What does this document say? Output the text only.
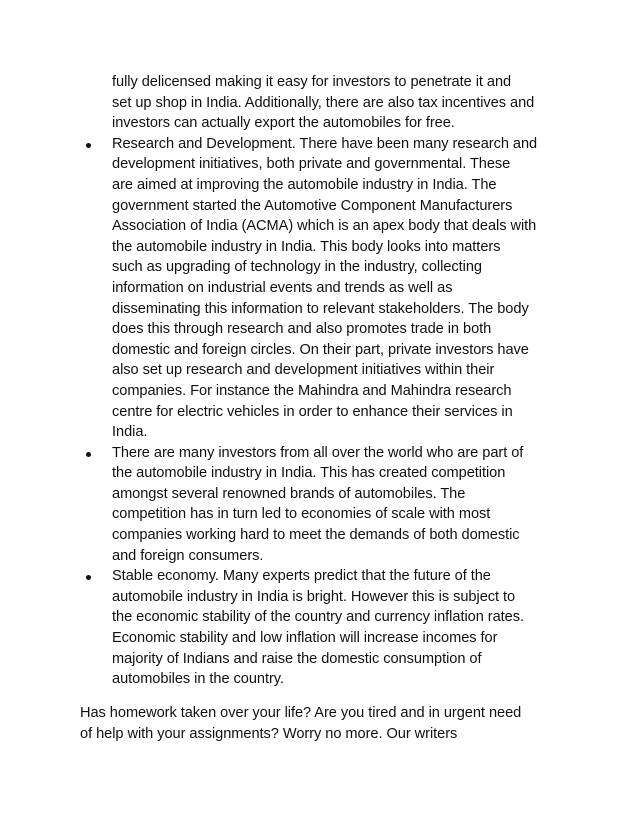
fully delicensed making it easy for investors to penetrate it and
set up shop in India. Additionally, there are also tax incentives and
investors can actually export the automobiles for free.
Research and Development. There have been many research and
development initiatives, both private and governmental. These
are aimed at improving the automobile industry in India. The
government started the Automotive Component Manufacturers
Association of India (ACMA) which is an apex body that deals with
the automobile industry in India. This body looks into matters
such as upgrading of technology in the industry, collecting
information on industrial events and trends as well as
disseminating this information to relevant stakeholders. The body
does this through research and also promotes trade in both
domestic and foreign circles. On their part, private investors have
also set up research and development initiatives within their
companies. For instance the Mahindra and Mahindra research
centre for electric vehicles in order to enhance their services in
India.
There are many investors from all over the world who are part of
the automobile industry in India. This has created competition
amongst several renowned brands of automobiles. The
competition has in turn led to economies of scale with most
companies working hard to meet the demands of both domestic
and foreign consumers.
Stable economy. Many experts predict that the future of the
automobile industry in India is bright. However this is subject to
the economic stability of the country and currency inflation rates.
Economic stability and low inflation will increase incomes for
majority of Indians and raise the domestic consumption of
automobiles in the country.
Has homework taken over your life? Are you tired and in urgent need
of help with your assignments? Worry no more. Our writers
